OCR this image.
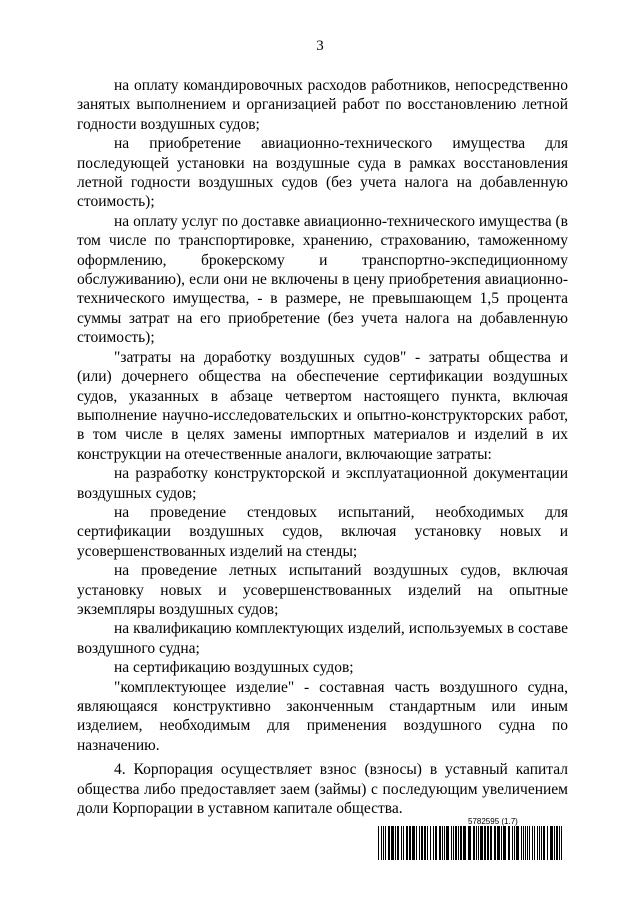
3

на оплату командировочных расходов работников, непосредственно занятых выполнением и организацией работ по восстановлению летной годности воздушных судов;

на приобретение авиационно-технического имущества для последующей установки на воздушные суда в рамках восстановления летной годности воздушных судов (без учета налога на добавленную стоимость);

на оплату услуг по доставке авиационно-технического имущества (в том числе по транспортировке, хранению, страхованию, таможенному оформлению, брокерскому и транспортно-экспедиционному обслуживанию), если они не включены в цену приобретения авиационно-технического имущества, - в размере, не превышающем 1,5 процента суммы затрат на его приобретение (без учета налога на добавленную стоимость);

"затраты на доработку воздушных судов" - затраты общества и (или) дочернего общества на обеспечение сертификации воздушных судов, указанных в абзаце четвертом настоящего пункта, включая выполнение научно-исследовательских и опытно-конструкторских работ, в том числе в целях замены импортных материалов и изделий в их конструкции на отечественные аналоги, включающие затраты:

на разработку конструкторской и эксплуатационной документации воздушных судов;

на проведение стендовых испытаний, необходимых для сертификации воздушных судов, включая установку новых и усовершенствованных изделий на стенды;

на проведение летных испытаний воздушных судов, включая установку новых и усовершенствованных изделий на опытные экземпляры воздушных судов;

на квалификацию комплектующих изделий, используемых в составе воздушного судна;

на сертификацию воздушных судов;

"комплектующее изделие" - составная часть воздушного судна, являющаяся конструктивно законченным стандартным или иным изделием, необходимым для применения воздушного судна по назначению.

4. Корпорация осуществляет взнос (взносы) в уставный капитал общества либо предоставляет заем (займы) с последующим увеличением доли Корпорации в уставном капитале общества.

5782595 (1.7)
